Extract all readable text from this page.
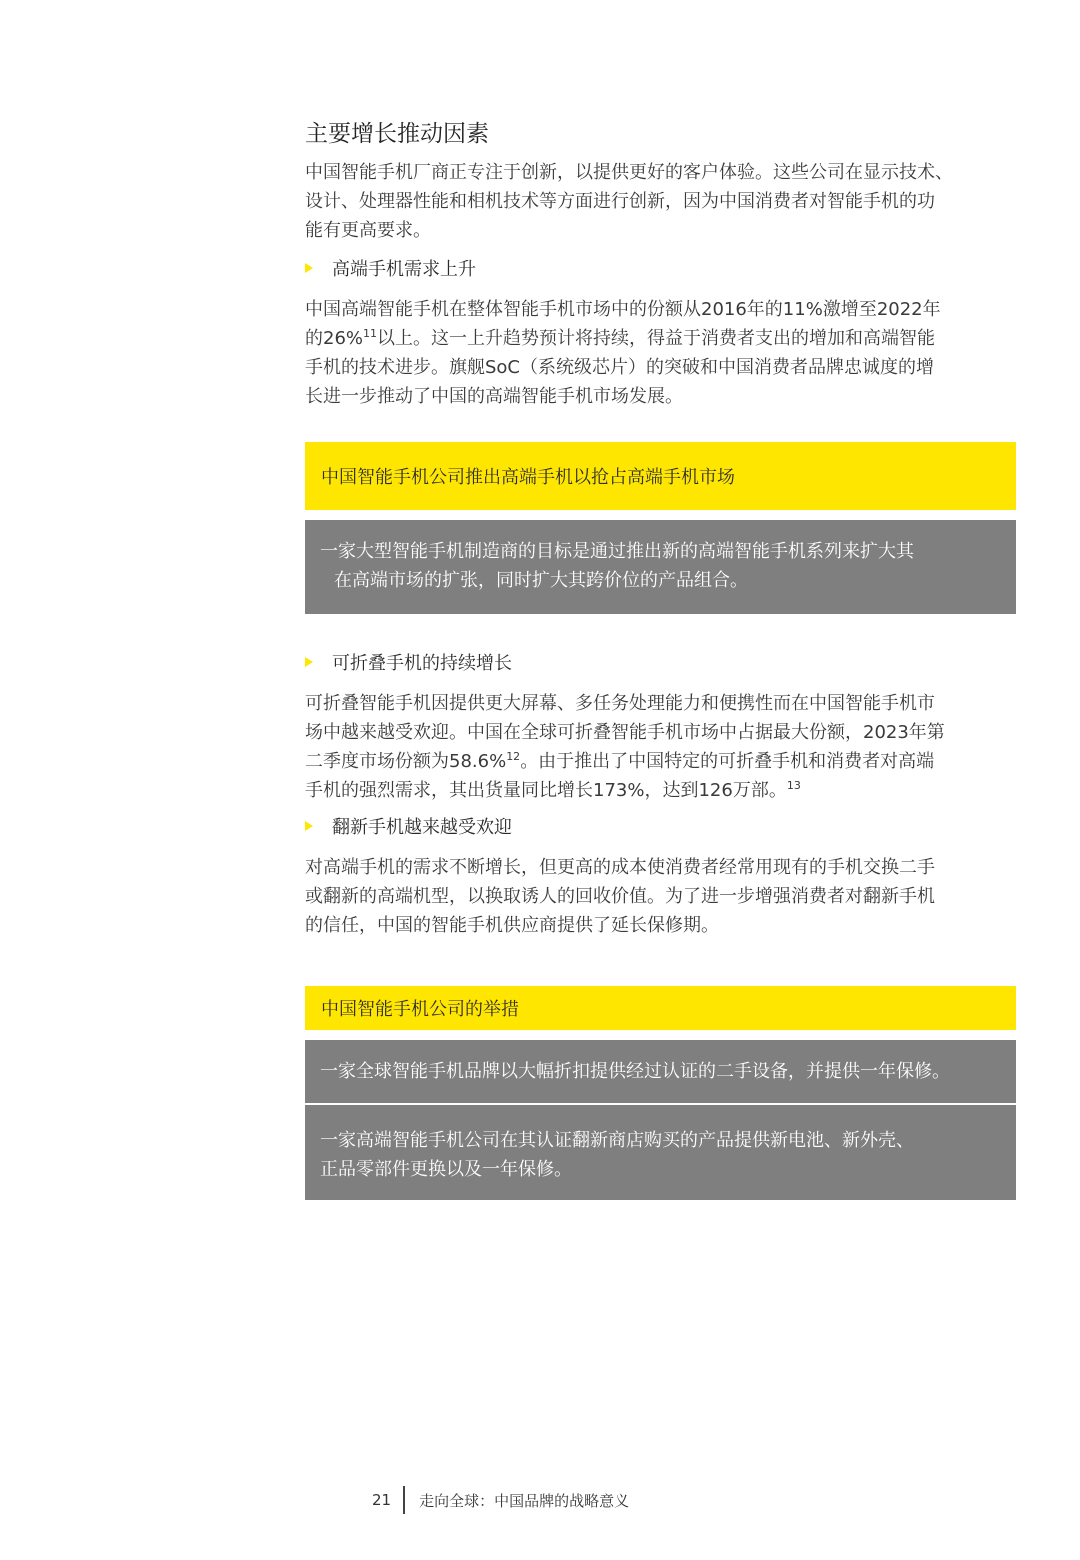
主要增长推动因素
中国智能手机厂商正专注于创新，以提供更好的客户体验。这些公司在显示技术、
设计、处理器性能和相机技术等方面进行创新，因为中国消费者对智能手机的功
能有更高要求。
高端手机需求上升
中国高端智能手机在整体智能手机市场中的份额从2016年的11%激增至2022年
的26%$^{11}$以上。这一上升趋势预计将持续，得益于消费者支出的增加和高端智能
手机的技术进步。旗舰SoC（系统级芯片）的突破和中国消费者品牌忠诚度的增
长进一步推动了中国的高端智能手机市场发展。
中国智能手机公司推出高端手机以抢占高端手机市场
一家大型智能手机制造商的目标是通过推出新的高端智能手机系列来扩大其
在高端市场的扩张，同时扩大其跨价位的产品组合。
可折叠手机的持续增长
可折叠智能手机因提供更大屏幕、多任务处理能力和便携性而在中国智能手机市
场中越来越受欢迎。中国在全球可折叠智能手机市场中占据最大份额，2023年第
二季度市场份额为58.6%$^{12}$。由于推出了中国特定的可折叠手机和消费者对高端
手机的强烈需求，其出货量同比增长173%，达到126万部。$^{13}$
翻新手机越来越受欢迎
对高端手机的需求不断增长，但更高的成本使消费者经常用现有的手机交换二手
或翻新的高端机型，以换取诱人的回收价值。为了进一步增强消费者对翻新手机
的信任，中国的智能手机供应商提供了延长保修期。
中国智能手机公司的举措
一家全球智能手机品牌以大幅折扣提供经过认证的二手设备，并提供一年保修。
一家高端智能手机公司在其认证翻新商店购买的产品提供新电池、新外壳、
正品零部件更换以及一年保修。
21 走向全球：中国品牌的战略意义
